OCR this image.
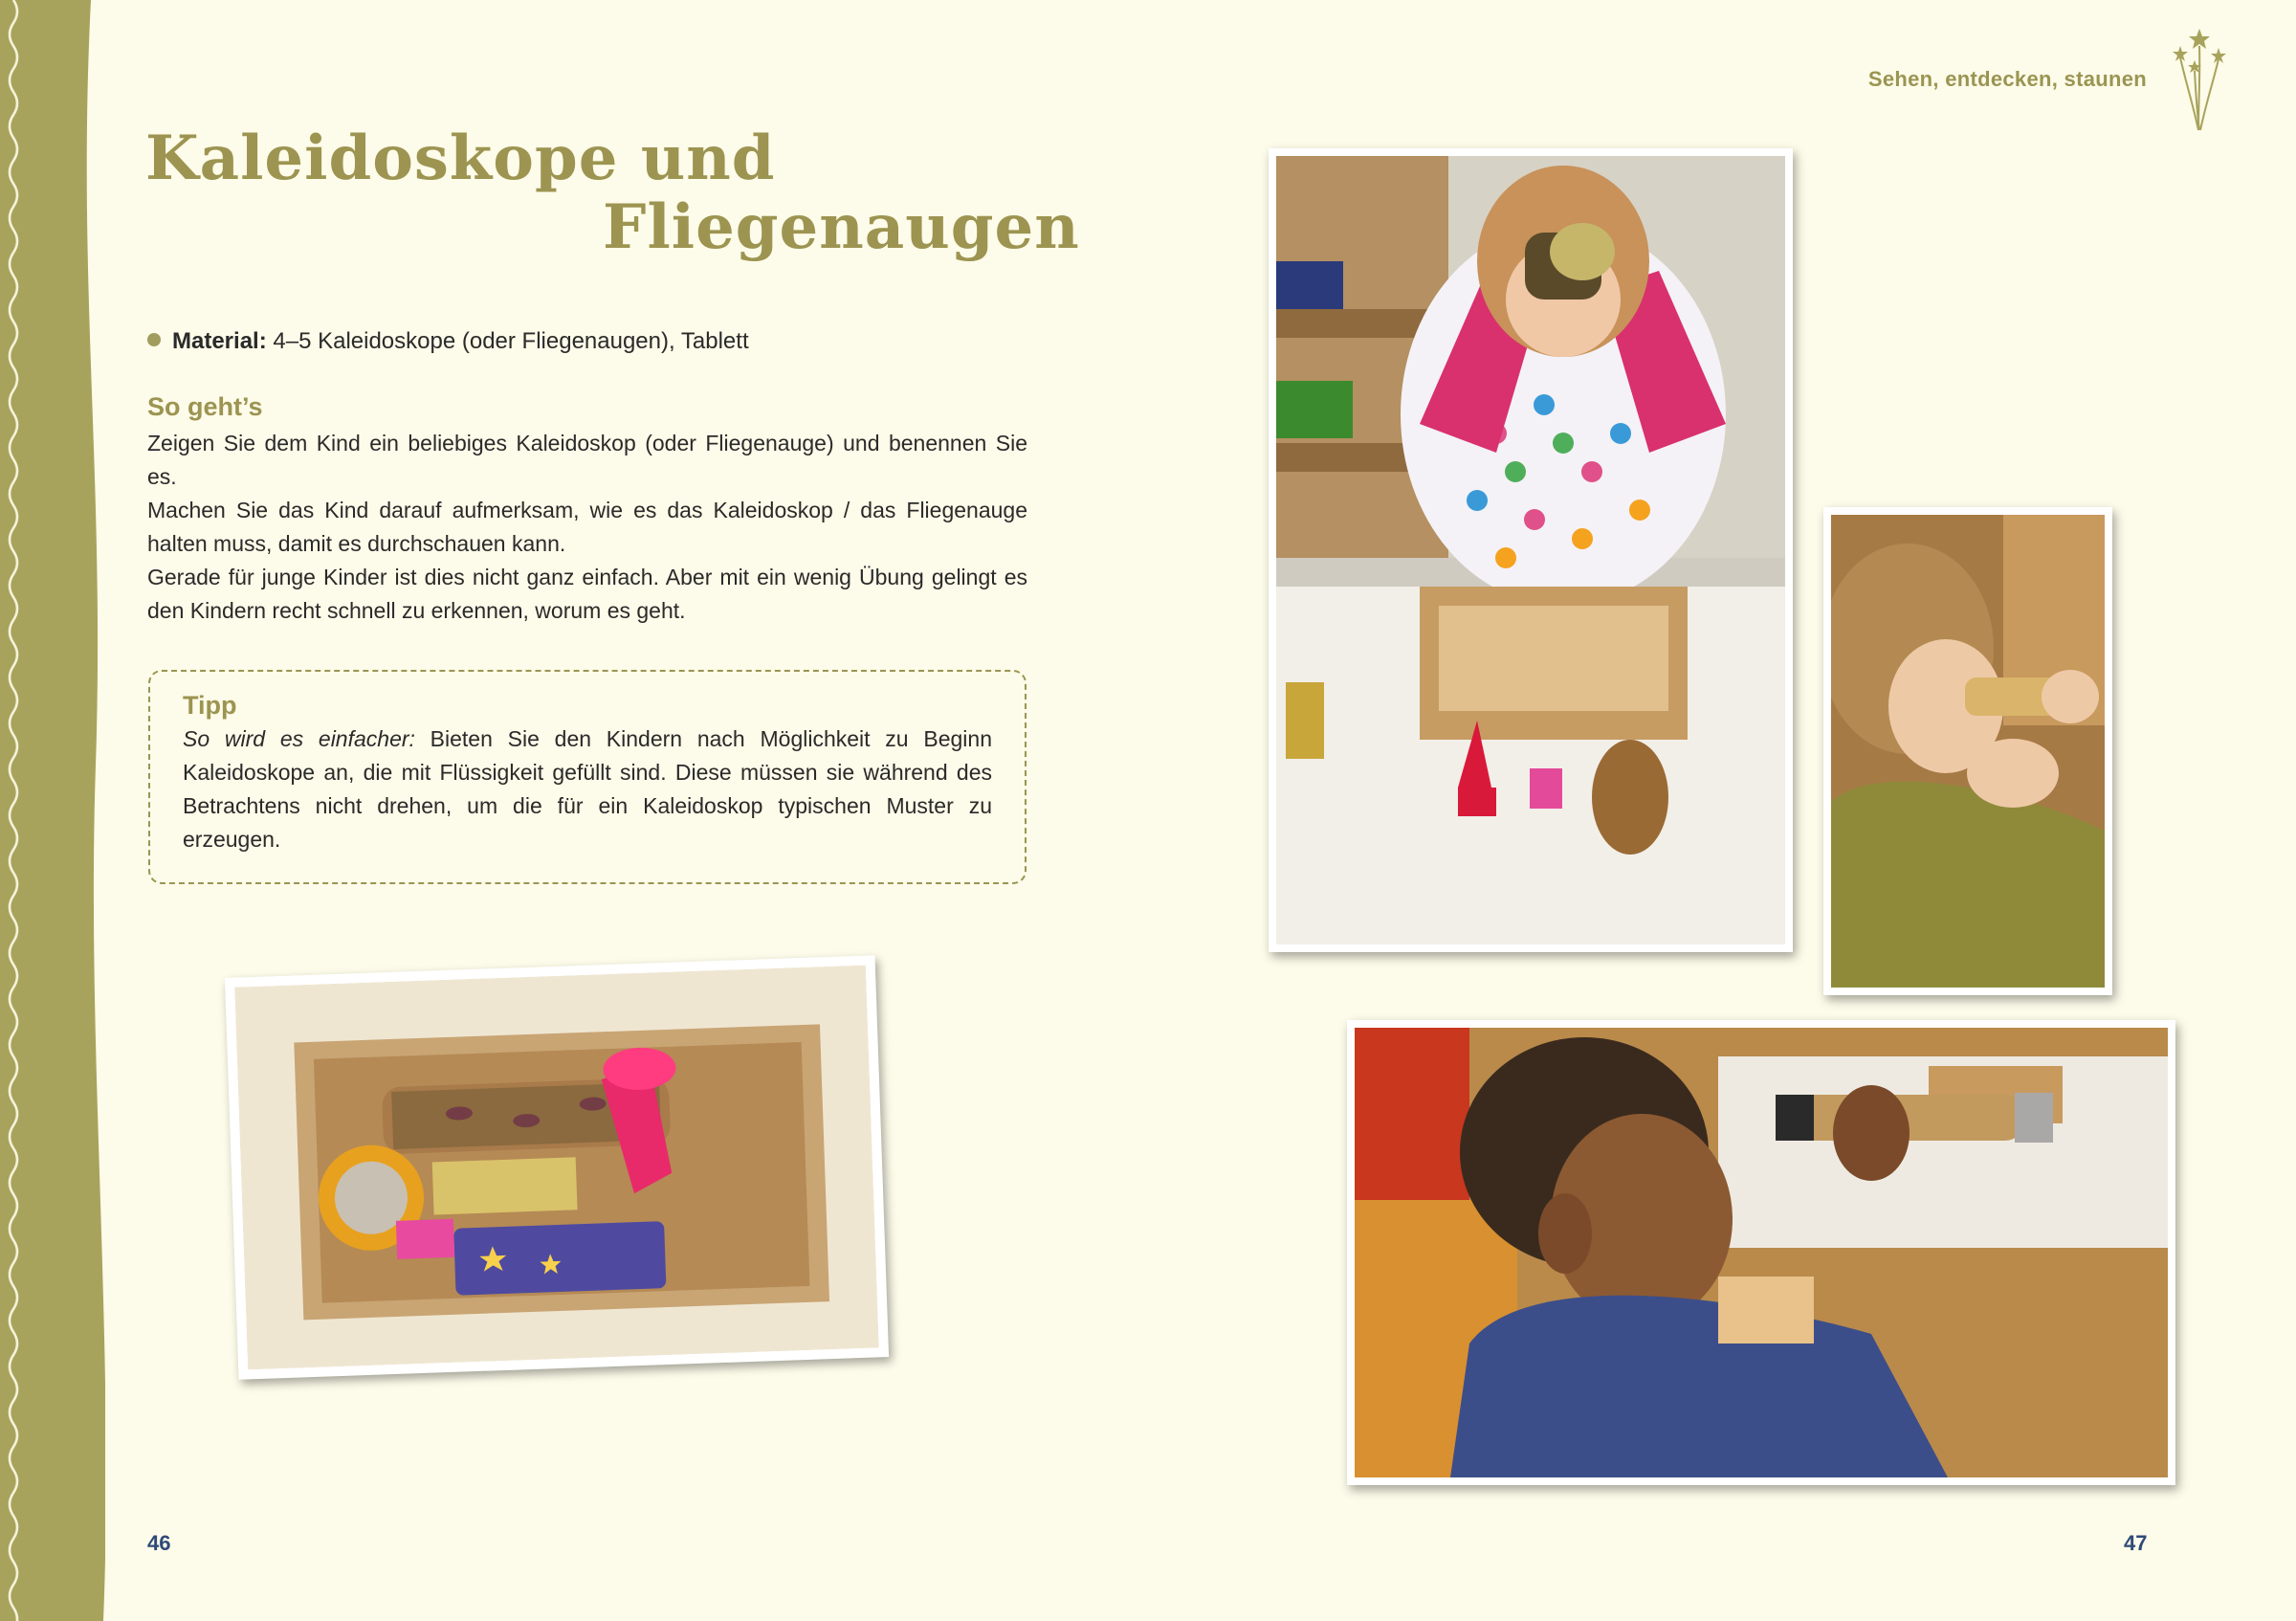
Sehen, entdecken, staunen
Kaleidoskope und
Fliegenaugen
Material: 4–5 Kaleidoskope (oder Fliegenaugen), Tablett
So geht’s

Zeigen Sie dem Kind ein beliebiges Kaleidoskop (oder Fliegenauge) und benennen Sie es.

Machen Sie das Kind darauf aufmerksam, wie es das Kaleidoskop / das Fliegenauge halten muss, damit es durchschauen kann.

Gerade für junge Kinder ist dies nicht ganz einfach. Aber mit ein wenig Übung gelingt es den Kindern recht schnell zu erkennen, worum es geht.

Tipp
So wird es einfacher: Bieten Sie den Kindern nach Möglichkeit zu Beginn Kaleidoskope an, die mit Flüssigkeit gefüllt sind. Diese müssen sie während des Betrachtens nicht drehen, um die für ein Kaleidoskop typischen Muster zu erzeugen.
46	47
